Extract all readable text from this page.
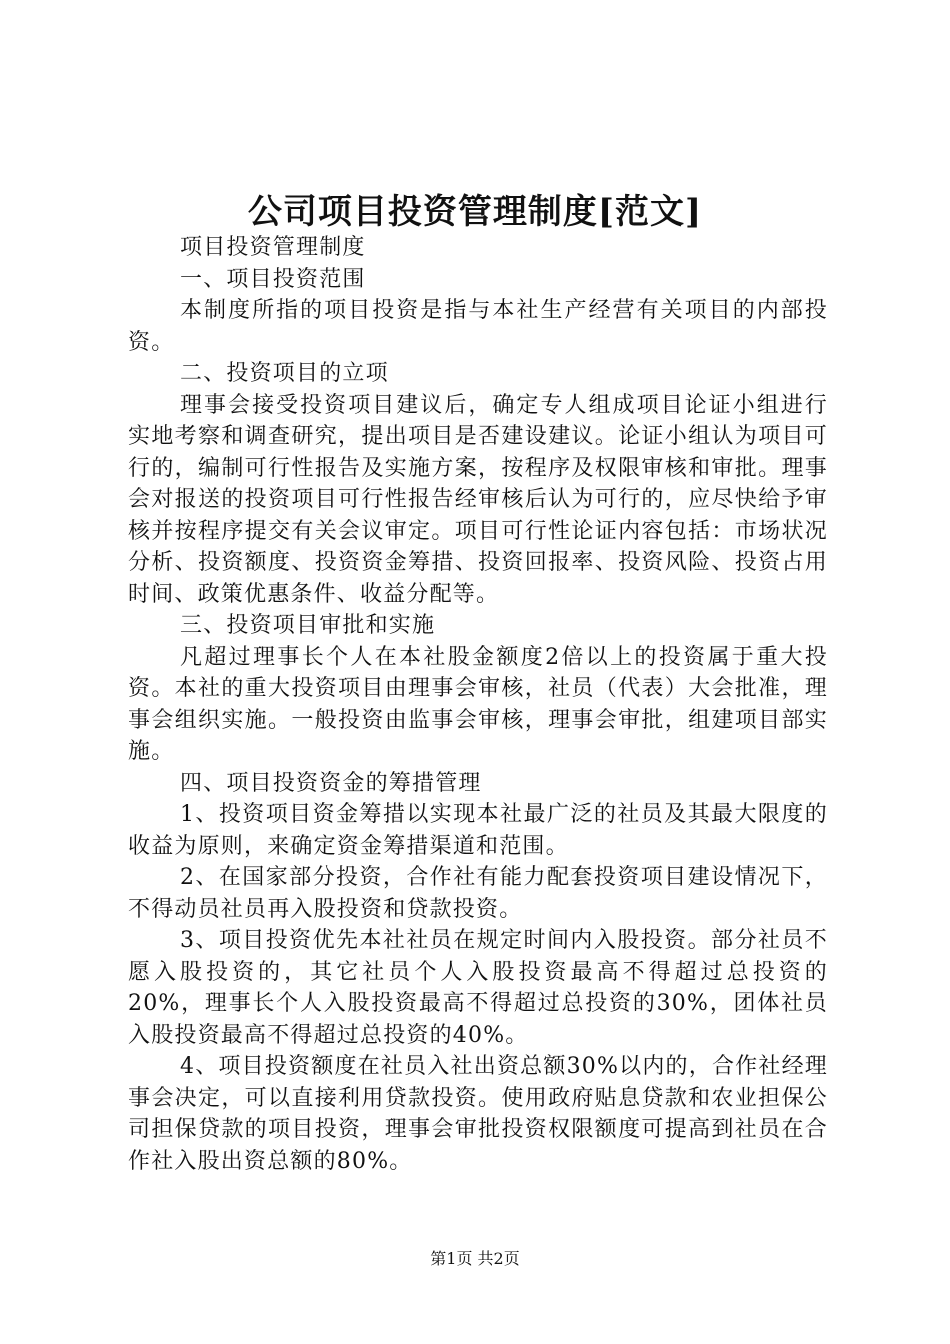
公司项目投资管理制度[范文]

项目投资管理制度

一、项目投资范围

本制度所指的项目投资是指与本社生产经营有关项目的内部投资。

二、投资项目的立项

理事会接受投资项目建议后，确定专人组成项目论证小组进行实地考察和调查研究，提出项目是否建设建议。论证小组认为项目可行的，编制可行性报告及实施方案，按程序及权限审核和审批。理事会对报送的投资项目可行性报告经审核后认为可行的，应尽快给予审核并按程序提交有关会议审定。项目可行性论证内容包括：市场状况分析、投资额度、投资资金筹措、投资回报率、投资风险、投资占用时间、政策优惠条件、收益分配等。

三、投资项目审批和实施

凡超过理事长个人在本社股金额度2倍以上的投资属于重大投资。本社的重大投资项目由理事会审核，社员（代表）大会批准，理事会组织实施。一般投资由监事会审核，理事会审批，组建项目部实施。

四、项目投资资金的筹措管理

1、投资项目资金筹措以实现本社最广泛的社员及其最大限度的收益为原则，来确定资金筹措渠道和范围。

2、在国家部分投资，合作社有能力配套投资项目建设情况下，不得动员社员再入股投资和贷款投资。

3、项目投资优先本社社员在规定时间内入股投资。部分社员不愿入股投资的，其它社员个人入股投资最高不得超过总投资的20%，理事长个人入股投资最高不得超过总投资的30%，团体社员入股投资最高不得超过总投资的40%。

4、项目投资额度在社员入社出资总额30%以内的，合作社经理事会决定，可以直接利用贷款投资。使用政府贴息贷款和农业担保公司担保贷款的项目投资，理事会审批投资权限额度可提高到社员在合作社入股出资总额的80%。

第1页 共2页
